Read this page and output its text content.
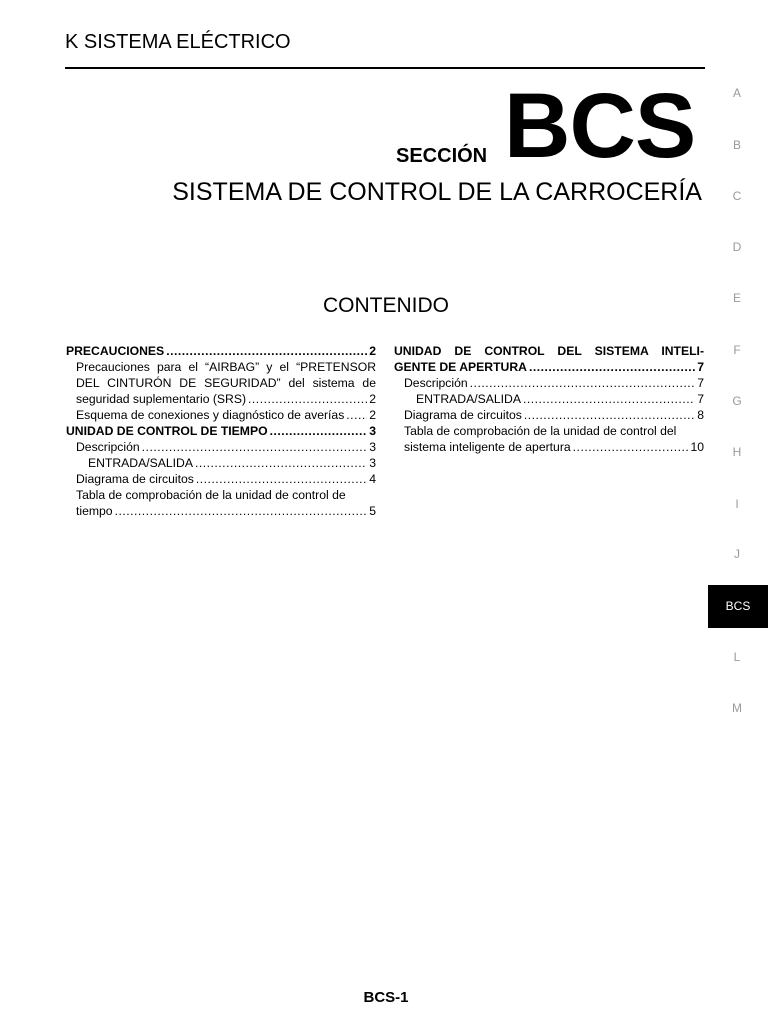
K SISTEMA ELÉCTRICO
SECCIÓN BCS
SISTEMA DE CONTROL DE LA CARROCERÍA
CONTENIDO
PRECAUCIONES .....	2
Precauciones para el “AIRBAG” y el “PRETENSOR
DEL CINTURÓN DE SEGURIDAD” del sistema de
seguridad suplementario (SRS) .....	2
Esquema de conexiones y diagnóstico de averías ..... 2
UNIDAD DE CONTROL DE TIEMPO .....	3
Descripción .....	3
ENTRADA/SALIDA .....	3
Diagrama de circuitos .....	4
Tabla de comprobación de la unidad de control de
tiempo .....	5
UNIDAD DE CONTROL DEL SISTEMA INTELI-
GENTE DE APERTURA .....	7
Descripción .....	7
ENTRADA/SALIDA .....	7
Diagrama de circuitos .....	8
Tabla de comprobación de la unidad de control del
sistema inteligente de apertura .....	10
A
B
C
D
E
F
G
H
I
J
BCS
L
M
BCS-1
